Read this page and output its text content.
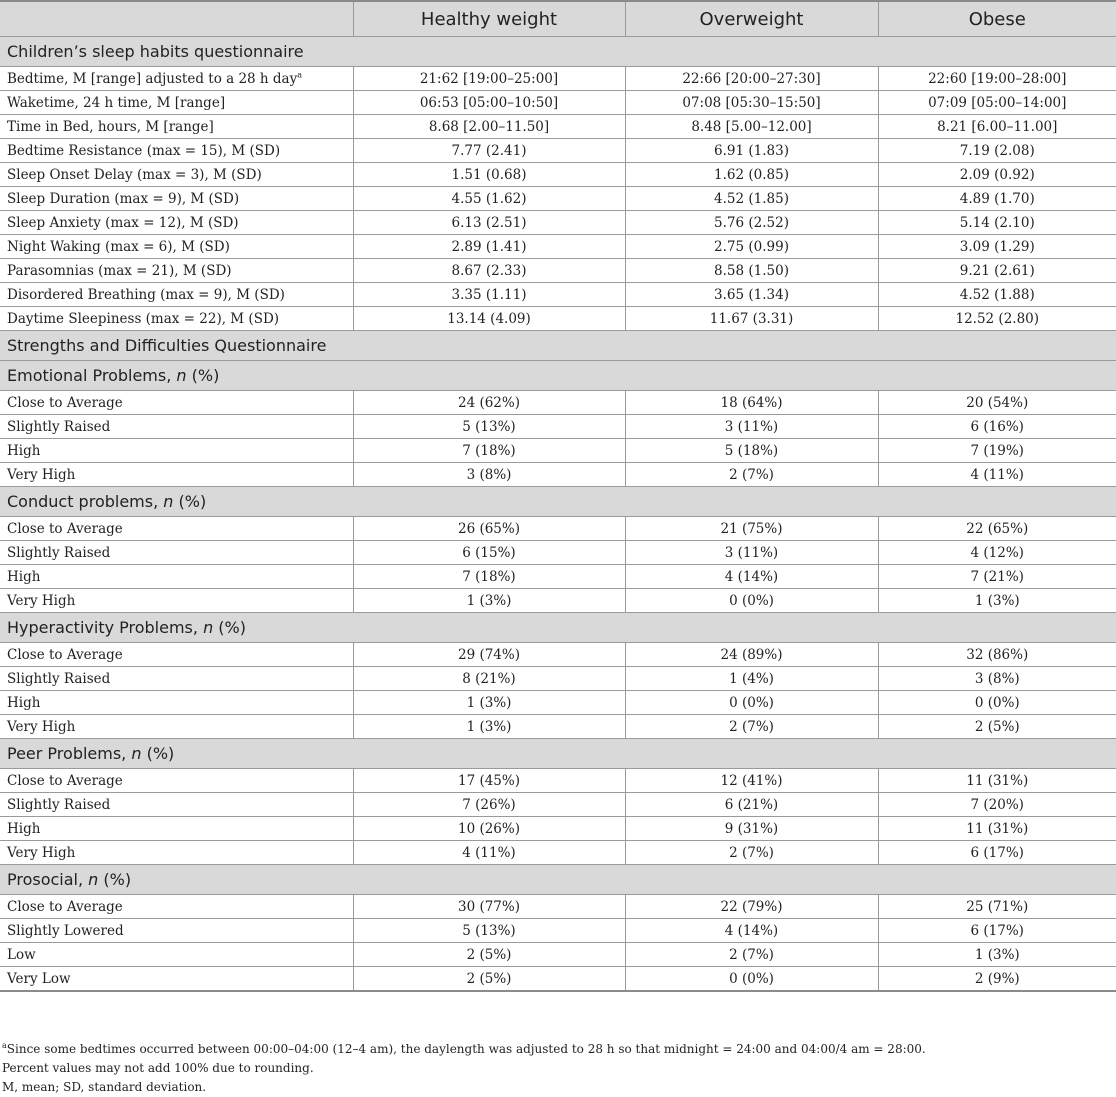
	Healthy weight	Overweight	Obese
Children’s sleep habits questionnaire			
Bedtime, M [range] adjusted to a 28 h day$^a$	21:62 [19:00–25:00]	22:66 [20:00–27:30]	22:60 [19:00–28:00]
Waketime, 24 h time, M [range]	06:53 [05:00–10:50]	07:08 [05:30–15:50]	07:09 [05:00–14:00]
Time in Bed, hours, M [range]	8.68 [2.00–11.50]	8.48 [5.00–12.00]	8.21 [6.00–11.00]
Bedtime Resistance (max = 15), M (SD)	7.77 (2.41)	6.91 (1.83)	7.19 (2.08)
Sleep Onset Delay (max = 3), M (SD)	1.51 (0.68)	1.62 (0.85)	2.09 (0.92)
Sleep Duration (max = 9), M (SD)	4.55 (1.62)	4.52 (1.85)	4.89 (1.70)
Sleep Anxiety (max = 12), M (SD)	6.13 (2.51)	5.76 (2.52)	5.14 (2.10)
Night Waking (max = 6), M (SD)	2.89 (1.41)	2.75 (0.99)	3.09 (1.29)
Parasomnias (max = 21), M (SD)	8.67 (2.33)	8.58 (1.50)	9.21 (2.61)
Disordered Breathing (max = 9), M (SD)	3.35 (1.11)	3.65 (1.34)	4.52 (1.88)
Daytime Sleepiness (max = 22), M (SD)	13.14 (4.09)	11.67 (3.31)	12.52 (2.80)
Strengths and Difficulties Questionnaire			
Emotional Problems, n (%)			
Close to Average	24 (62%)	18 (64%)	20 (54%)
Slightly Raised	5 (13%)	3 (11%)	6 (16%)
High	7 (18%)	5 (18%)	7 (19%)
Very High	3 (8%)	2 (7%)	4 (11%)
Conduct problems, n (%)			
Close to Average	26 (65%)	21 (75%)	22 (65%)
Slightly Raised	6 (15%)	3 (11%)	4 (12%)
High	7 (18%)	4 (14%)	7 (21%)
Very High	1 (3%)	0 (0%)	1 (3%)
Hyperactivity Problems, n (%)			
Close to Average	29 (74%)	24 (89%)	32 (86%)
Slightly Raised	8 (21%)	1 (4%)	3 (8%)
High	1 (3%)	0 (0%)	0 (0%)
Very High	1 (3%)	2 (7%)	2 (5%)
Peer Problems, n (%)			
Close to Average	17 (45%)	12 (41%)	11 (31%)
Slightly Raised	7 (26%)	6 (21%)	7 (20%)
High	10 (26%)	9 (31%)	11 (31%)
Very High	4 (11%)	2 (7%)	6 (17%)
Prosocial, n (%)			
Close to Average	30 (77%)	22 (79%)	25 (71%)
Slightly Lowered	5 (13%)	4 (14%)	6 (17%)
Low	2 (5%)	2 (7%)	1 (3%)
Very Low	2 (5%)	0 (0%)	2 (9%)

$^a$Since some bedtimes occurred between 00:00–04:00 (12–4 am), the daylength was adjusted to 28 h so that midnight = 24:00 and 04:00/4 am = 28:00.

Percent values may not add 100% due to rounding.

M, mean; SD, standard deviation.
